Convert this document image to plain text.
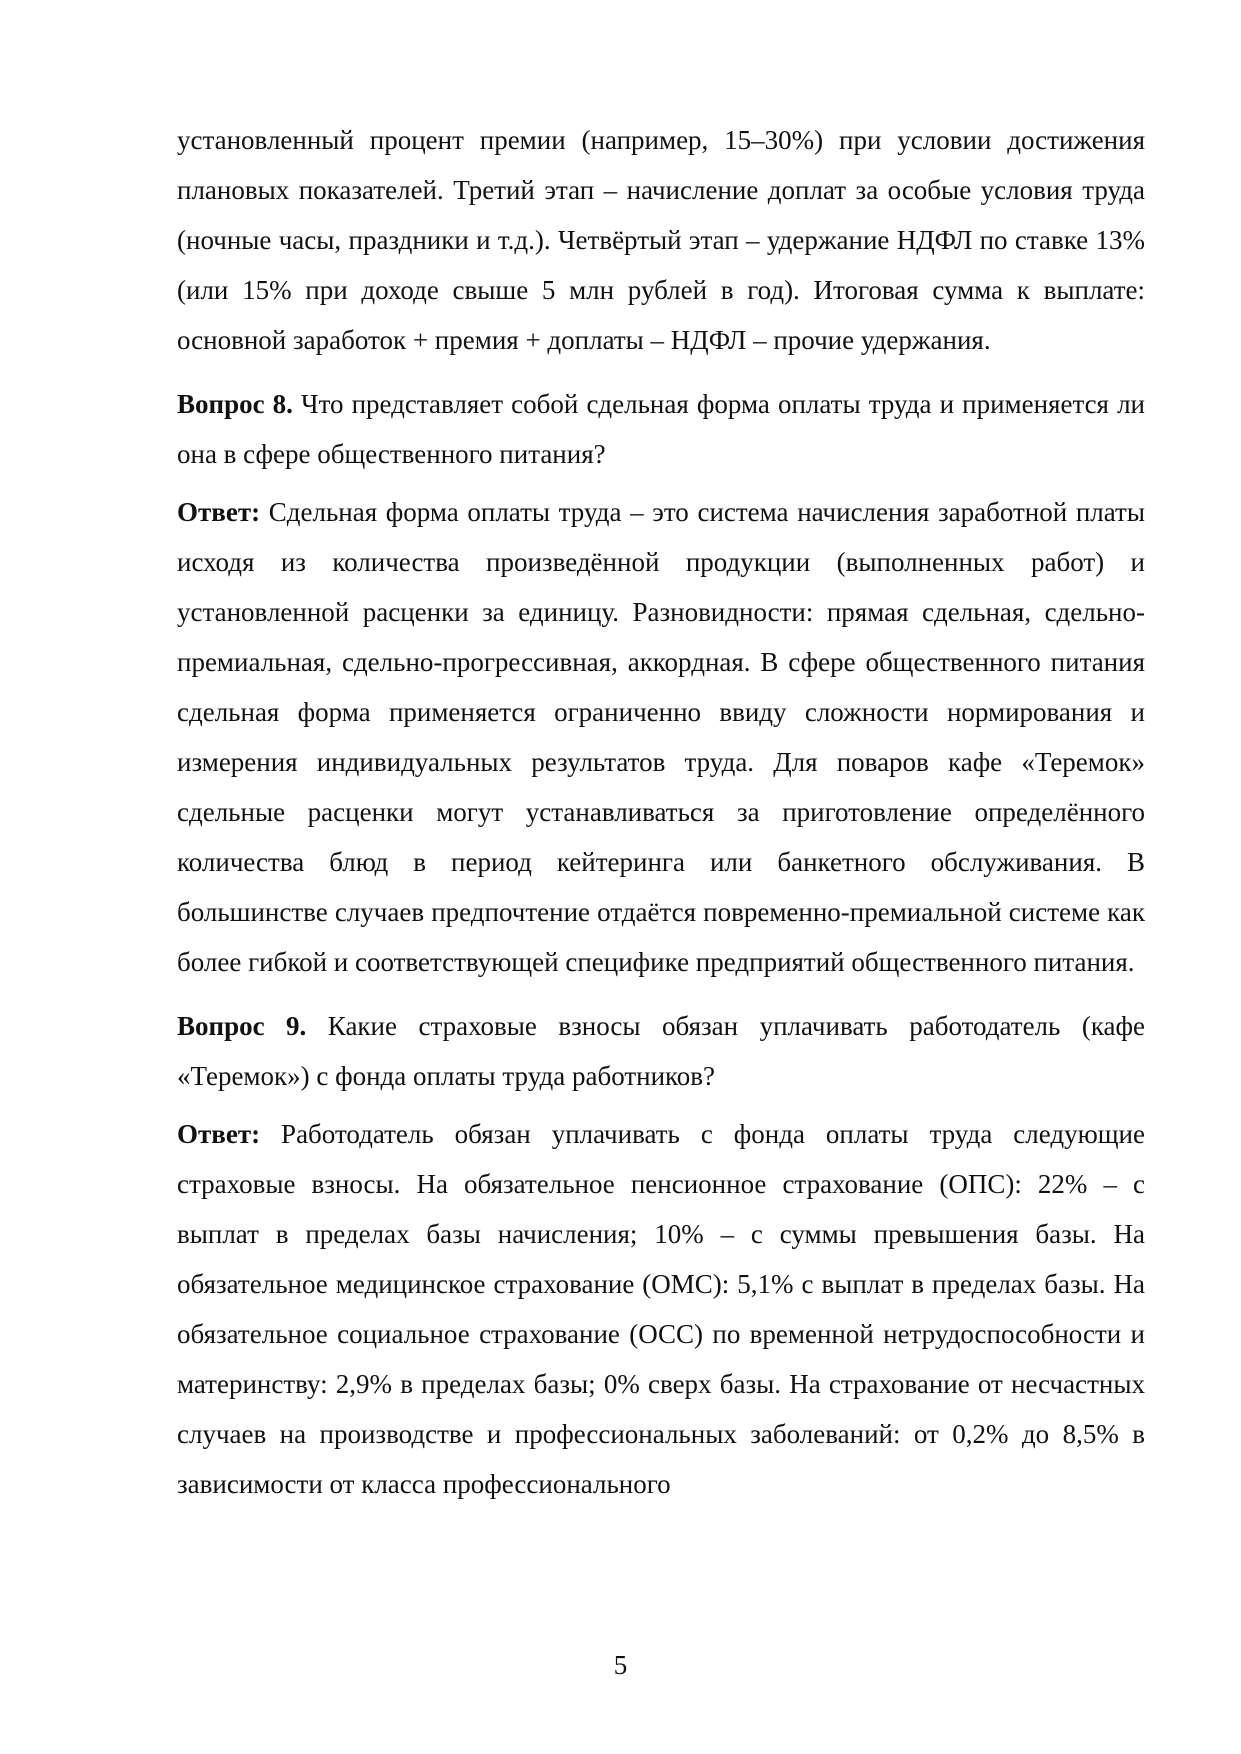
установленный процент премии (например, 15–30%) при условии достижения плановых показателей. Третий этап – начисление доплат за особые условия труда (ночные часы, праздники и т.д.). Четвёртый этап – удержание НДФЛ по ставке 13% (или 15% при доходе свыше 5 млн рублей в год). Итоговая сумма к выплате: основной заработок + премия + доплаты – НДФЛ – прочие удержания.

Вопрос 8. Что представляет собой сдельная форма оплаты труда и применяется ли она в сфере общественного питания?

Ответ: Сдельная форма оплаты труда – это система начисления заработной платы исходя из количества произведённой продукции (выполненных работ) и установленной расценки за единицу. Разновидности: прямая сдельная, сдельно-премиальная, сдельно-прогрессивная, аккордная. В сфере общественного питания сдельная форма применяется ограниченно ввиду сложности нормирования и измерения индивидуальных результатов труда. Для поваров кафе «Теремок» сдельные расценки могут устанавливаться за приготовление определённого количества блюд в период кейтеринга или банкетного обслуживания. В большинстве случаев предпочтение отдаётся повременно-премиальной системе как более гибкой и соответствующей специфике предприятий общественного питания.

Вопрос 9. Какие страховые взносы обязан уплачивать работодатель (кафе «Теремок») с фонда оплаты труда работников?

Ответ: Работодатель обязан уплачивать с фонда оплаты труда следующие страховые взносы. На обязательное пенсионное страхование (ОПС): 22% – с выплат в пределах базы начисления; 10% – с суммы превышения базы. На обязательное медицинское страхование (ОМС): 5,1% с выплат в пределах базы. На обязательное социальное страхование (ОСС) по временной нетрудоспособности и материнству: 2,9% в пределах базы; 0% сверх базы. На страхование от несчастных случаев на производстве и профессиональных заболеваний: от 0,2% до 8,5% в зависимости от класса профессионального

5
